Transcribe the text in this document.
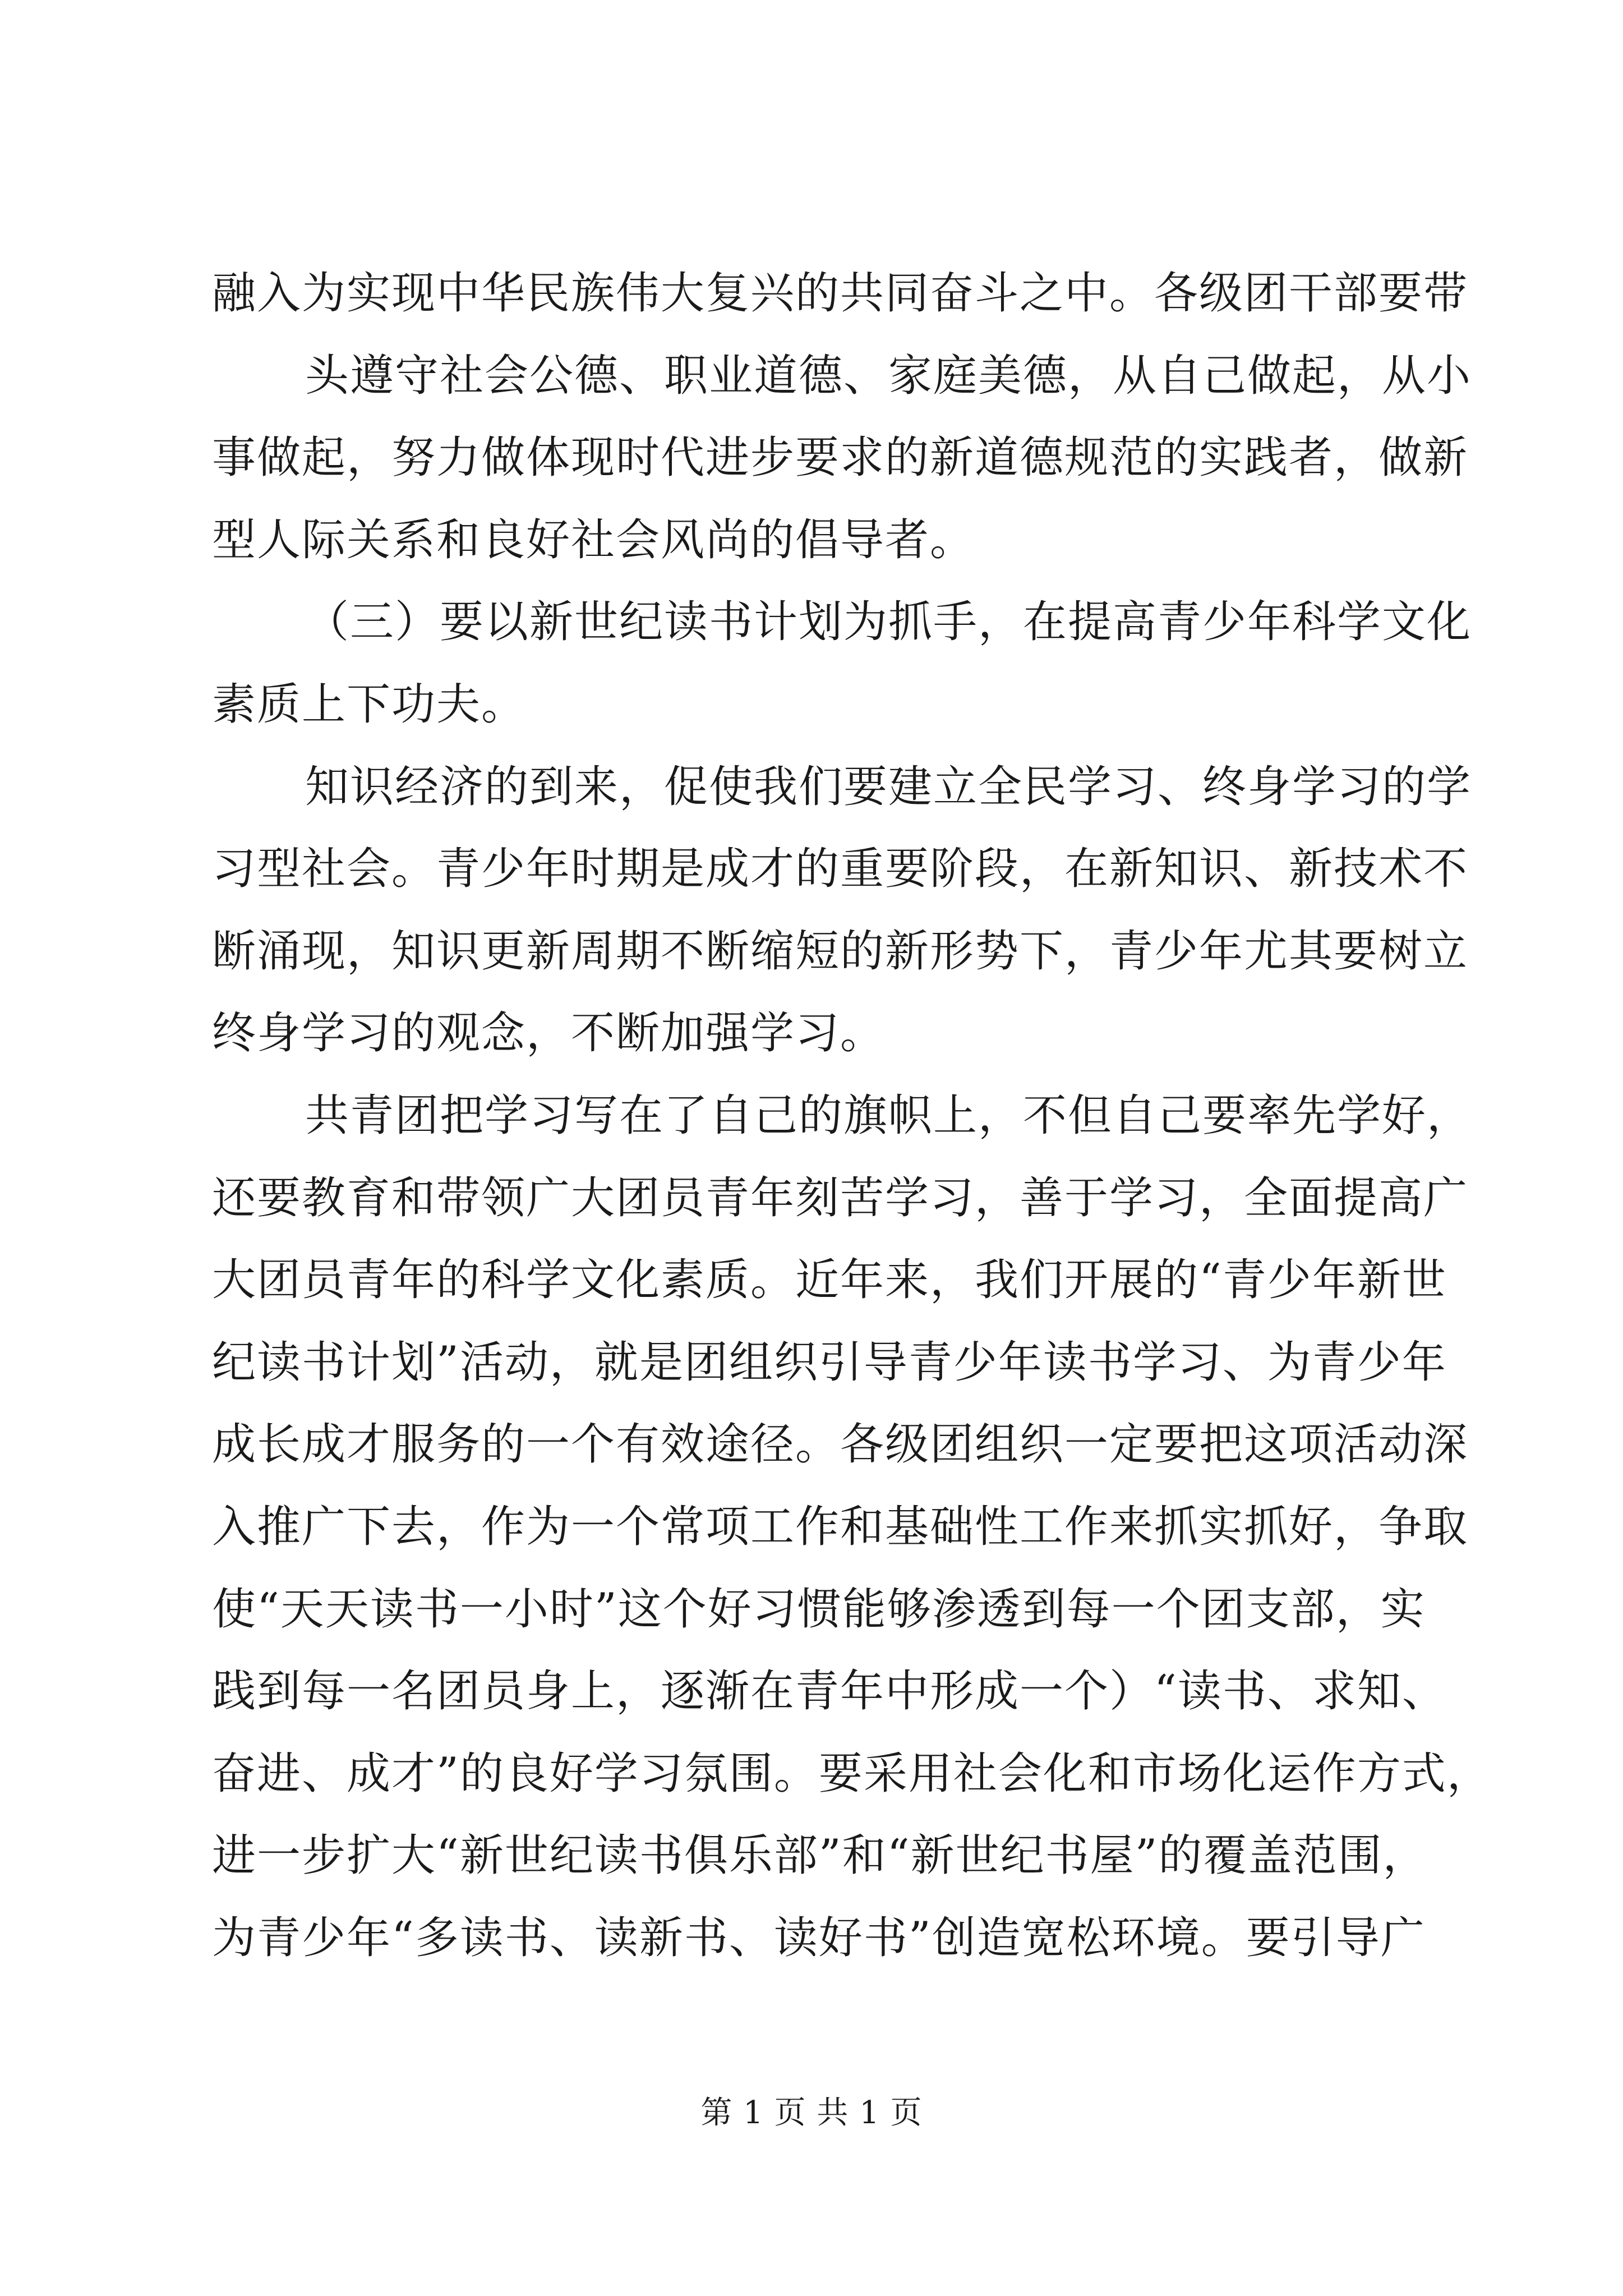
融入为实现中华民族伟大复兴的共同奋斗之中。各级团干部要带
头遵守社会公德、职业道德、家庭美德，从自己做起，从小
事做起，努力做体现时代进步要求的新道德规范的实践者，做新
型人际关系和良好社会风尚的倡导者。
（三）要以新世纪读书计划为抓手，在提高青少年科学文化
素质上下功夫。
知识经济的到来，促使我们要建立全民学习、终身学习的学
习型社会。青少年时期是成才的重要阶段，在新知识、新技术不
断涌现，知识更新周期不断缩短的新形势下，青少年尤其要树立
终身学习的观念，不断加强学习。
共青团把学习写在了自己的旗帜上，不但自己要率先学好，
还要教育和带领广大团员青年刻苦学习，善于学习，全面提高广
大团员青年的科学文化素质。近年来，我们开展的“青少年新世
纪读书计划”活动，就是团组织引导青少年读书学习、为青少年
成长成才服务的一个有效途径。各级团组织一定要把这项活动深
入推广下去，作为一个常项工作和基础性工作来抓实抓好，争取
使“天天读书一小时”这个好习惯能够渗透到每一个团支部，实
践到每一名团员身上，逐渐在青年中形成一个）“读书、求知、
奋进、成才”的良好学习氛围。要采用社会化和市场化运作方式，
进一步扩大“新世纪读书俱乐部”和“新世纪书屋”的覆盖范围，
为青少年“多读书、读新书、读好书”创造宽松环境。要引导广
第 1 页 共 1 页
